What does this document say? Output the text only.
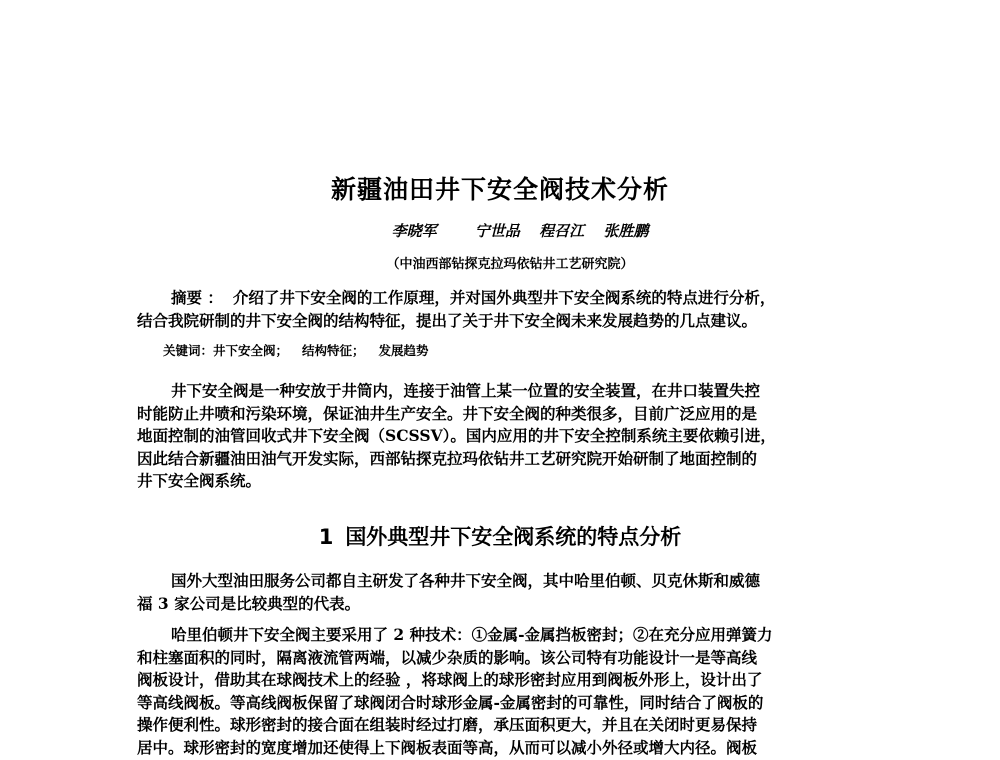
新疆油田井下安全阀技术分析
李晓军	宁世品 程召江 张胜鹏
（中油西部钻探克拉玛依钻井工艺研究院）
摘要 ： 介绍了井下安全阀的工作原理，并对国外典型井下安全阀系统的特点进行分析，
结合我院研制的井下安全阀的结构特征，提出了关于井下安全阀未来发展趋势的几点建议。
关键词：井下安全阀； 结构特征； 发展趋势
井下安全阀是一种安放于井筒内，连接于油管上某一位置的安全装置，在井口装置失控
时能防止井喷和污染环境，保证油井生产安全。井下安全阀的种类很多，目前广泛应用的是
地面控制的油管回收式井下安全阀（SCSSV）。国内应用的井下安全控制系统主要依赖引进，
因此结合新疆油田油气开发实际，西部钻探克拉玛依钻井工艺研究院开始研制了地面控制的
井下安全阀系统。
1 国外典型井下安全阀系统的特点分析
国外大型油田服务公司都自主研发了各种井下安全阀，其中哈里伯顿、贝克休斯和威德
福 3 家公司是比较典型的代表。
哈里伯顿井下安全阀主要采用了 2 种技术：①金属-金属挡板密封；②在充分应用弹簧力
和柱塞面积的同时，隔离液流管两端，以减少杂质的影响。该公司特有功能设计一是等高线
阀板设计，借助其在球阀技术上的经验 ，将球阀上的球形密封应用到阀板外形上，设计出了
等高线阀板。等高线阀板保留了球阀闭合时球形金属-金属密封的可靠性，同时结合了阀板的
操作便利性。球形密封的接合面在组装时经过打磨，承压面积更大，并且在关闭时更易保持
居中。球形密封的宽度增加还使得上下阀板表面等高，从而可以减小外径或增大内径。阀板
